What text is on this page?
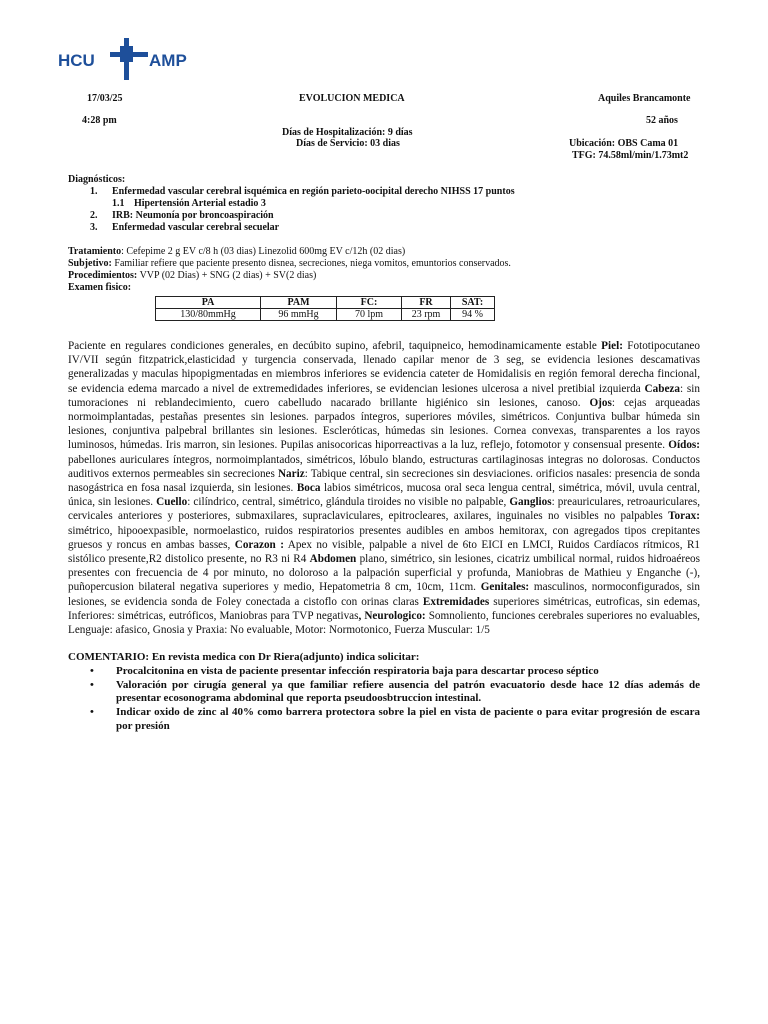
HCU	AMP
17/03/25
4:28 pm
EVOLUCION MEDICA
Días de Hospitalización: 9 días
Días de Servicio: 03 dias
Aquiles Brancamonte
52 años
Ubicación: OBS Cama 01
TFG: 74.58ml/min/1.73mt2
Diagnósticos:
1. Enfermedad vascular cerebral isquémica en región parieto-oocipital derecho NIHSS 17 puntos
1.1 Hipertensión Arterial estadio 3
2. IRB: Neumonía por broncoaspiración
3. Enfermedad vascular cerebral secuelar
Tratamiento: Cefepime 2 g EV c/8 h (03 dias) Linezolid 600mg EV c/12h (02 dias)
Subjetivo: Familiar refiere que paciente presento disnea, secreciones, niega vomitos, emuntorios conservados.
Procedimientos: VVP (02 Dias) + SNG (2 dias) + SV(2 dias)
Examen fìsico:
PA	PAM	FC:	FR	SAT:
130/80mmHg	96 mmHg	70 lpm	23 rpm	94 %
Paciente en regulares condiciones generales, en decúbito supino, afebril, taquipneico, hemodinamicamente estable Piel: Fototipocutaneo IV/VII según fitzpatrick,elasticidad y turgencia conservada, llenado capilar menor de 3 seg, se evidencia lesiones descamativas generalizadas y maculas hipopigmentadas en miembros inferiores se evidencia cateter de Homidalisis en región femoral derecha fincional, se evidencia edema marcado a nivel de extremedidades inferiores, se evidencian lesiones ulcerosa a nivel pretibial izquierda Cabeza: sin tumoraciones ni reblandecimiento, cuero cabelludo nacarado brillante higiénico sin lesiones, canoso. Ojos: cejas arqueadas normoimplantadas, pestañas presentes sin lesiones. parpados íntegros, superiores móviles, simétricos. Conjuntiva bulbar húmeda sin lesiones, conjuntiva palpebral brillantes sin lesiones. Escleróticas, húmedas sin lesiones. Cornea convexas, transparentes a los rayos luminosos, húmedas. Iris marron, sin lesiones. Pupilas anisocoricas hiporreactivas a la luz, reflejo, fotomotor y consensual presente. Oídos: pabellones auriculares íntegros, normoimplantados, simétricos, lóbulo blando, estructuras cartilaginosas integras no dolorosas. Conductos auditivos externos permeables sin secreciones Nariz: Tabique central, sin secreciones sin desviaciones. orificios nasales: presencia de sonda nasogástrica en fosa nasal izquierda, sin lesiones. Boca labios simétricos, mucosa oral seca lengua central, simétrica, móvil, uvula central, única, sin lesiones. Cuello: cilíndrico, central, simétrico, glándula tiroides no visible no palpable, Ganglios: preauriculares, retroauriculares, cervicales anteriores y posteriores, submaxilares, supraclaviculares, epitrocleares, axilares, inguinales no visibles no palpables Torax: simétrico, hipooexpasible, normoelastico, ruidos respiratorios presentes audibles en ambos hemitorax, con agregados tipos crepitantes gruesos y roncus en ambas basses, Corazon : Apex no visible, palpable a nivel de 6to EICI en LMCI, Ruidos Cardíacos rítmicos, R1 sistólico presente,R2 distolico presente, no R3 ni R4 Abdomen plano, simétrico, sin lesiones, cicatriz umbilical normal, ruidos hidroaéreos presentes con frecuencia de 4 por minuto, no doloroso a la palpación superficial y profunda, Maniobras de Mathieu y Enganche (-), puñopercusion bilateral negativa superiores y medio, Hepatometria 8 cm, 10cm, 11cm. Genitales: masculinos, normoconfigurados, sin lesiones, se evidencia sonda de Foley conectada a cistoflo con orinas claras Extremidades superiores simétricas, eutroficas, sin edemas, Inferiores: simétricas, eutróficos, Maniobras para TVP negativas, Neurologico: Somnoliento, funciones cerebrales superiores no evaluables, Lenguaje: afasico, Gnosia y Praxia: No evaluable, Motor: Normotonico, Fuerza Muscular: 1/5
COMENTARIO: En revista medica con Dr Riera(adjunto) indica solicitar:
• Procalcitonina en vista de paciente presentar infección respiratoria baja para descartar proceso séptico
• Valoración por cirugía general ya que familiar refiere ausencia del patrón evacuatorio desde hace 12 días además de presentar ecosonograma abdominal que reporta pseudoosbtruccion intestinal.
• Indicar oxido de zinc al 40% como barrera protectora sobre la piel en vista de paciente o para evitar progresión de escara por presión
